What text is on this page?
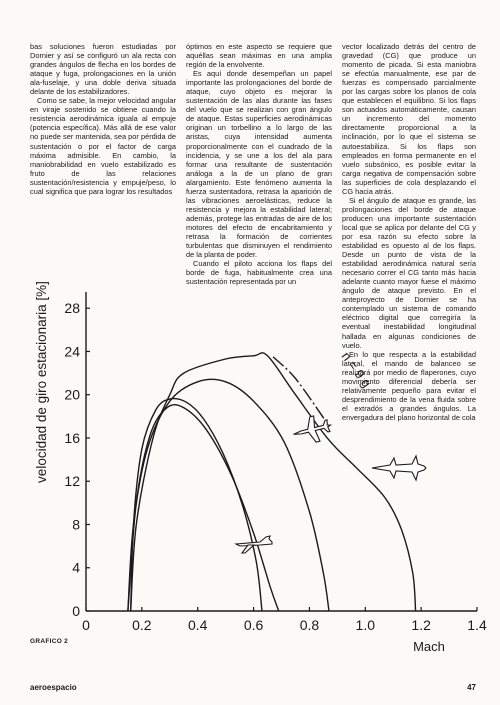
bas soluciones fueron estudiadas por Dornier y así se configuró un ala recta con grandes ángulos de flecha en los bordes de ataque y fuga, prolongaciones en la unión ala-fuselaje, y una doble deriva situada delante de los estabilizadores.

Como se sabe, la mejor velocidad angular en viraje sostenido se obtiene cuando la resistencia aerodinámica iguala al empuje (potencia específica). Más allá de ese valor no puede ser mantenida, sea por pérdida de sustentación o por el factor de carga máxima admisible. En cambio, la maniobrabilidad en vuelo estabilizado es fruto de las relaciones sustentación/resistencia y empuje/peso, lo cual significa que para lograr los resultados

óptimos en este aspecto se requiere que aquéllas sean máximas en una amplia región de la envolvente.

Es aquí donde desempeñan un papel importante las prolongaciones del borde de ataque, cuyo objeto es mejorar la sustentación de las alas durante las fases del vuelo que se realizan con gran ángulo de ataque. Estas superficies aerodinámicas originan un torbellino a lo largo de las aristas, cuya intensidad aumenta proporcionalmente con el cuadrado de la incidencia, y se une a los del ala para formar una resultante de sustentación análoga a la de un plano de gran alargamiento. Este fenómeno aumenta la fuerza sustentadora, retrasa la aparición de las vibraciones aeroelásticas, reduce la resistencia y mejora la estabilidad lateral; además, protege las entradas de aire de los motores del efecto de encabritamiento y retrasa la formación de corrientes turbulentas que disminuyen el rendimiento de la planta de poder.

Cuando el piloto acciona los flaps del borde de fuga, habitualmente crea una sustentación representada por un

vector localizado detrás del centro de gravedad (CG) que produce un momento de picada. Si esta maniobra se efectúa manualmente, ese par de fuerzas es compensado parcialmente por las cargas sobre los planos de cola que establecen el equilibrio. Si los flaps son actuados automáticamente, causan un incremento del momento directamente proporcional a la inclinación, por lo que el sistema se autoestabiliza. Si los flaps son empleados en forma permanente en el vuelo subsónico, es posible evitar la carga negativa de compensación sobre las superficies de cola desplazando el CG hacia atrás.

Si el ángulo de ataque es grande, las prolongaciones del borde de ataque producen una importante sustentación local que se aplica por delante del CG y por esa razón su efecto sobre la estabilidad es opuesto al de los flaps. Desde un punto de vista de la estabilidad aerodinámica natural sería necesario correr el CG tanto más hacia adelante cuanto mayor fuese el máximo ángulo de ataque previsto. En el anteproyecto de Dornier se ha contemplado un sistema de comando eléctrico digital que corregiría la eventual inestabilidad longitudinal hallada en algunas condiciones de vuelo.

En lo que respecta a la estabilidad lateral, el mando de balanceo se realizará por medio de flaperones, cuyo movimiento diferencial debería ser relativamente pequeño para evitar el desprendimiento de la vena fluida sobre el extradós a grandes ángulos. La envergadura del plano horizontal de cola

0
4
8
12
16
20
24
28
0	0.2	0.4	0.6	0.8	1.0	1.2	1.4
velocidad de giro estacionaria [%]
Mach
n = 9 g
GRAFICO 2
aeroespacio	47
